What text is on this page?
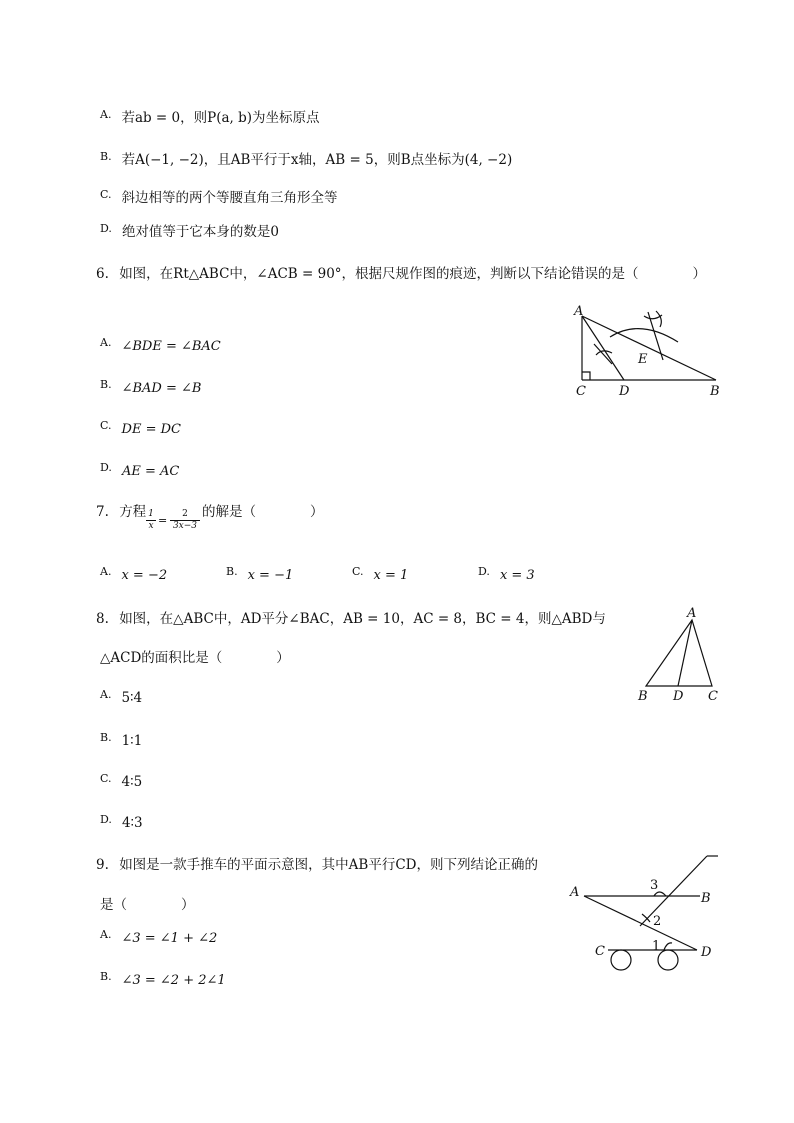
$^{A.}$ 若ab = 0，则P(a, b)为坐标原点
$^{B.}$ 若A(−1, −2)，且AB平行于x轴，AB = 5，则B点坐标为(4, −2)
$^{C.}$ 斜边相等的两个等腰直角三角形全等
$^{D.}$ 绝对值等于它本身的数是0
6. 如图，在Rt△ABC中，∠ACB = 90°，根据尺规作图的痕迹，判断以下结论错误的是（　　　　）
$^{A.}$ ∠BDE = ∠BAC
$^{B.}$ ∠BAD = ∠B
$^{C.}$ DE = DC
$^{D.}$ AE = AC
A
C	D	B
E
7. 方程 $\frac{1}{x} = \frac{2}{3x-3}$ 的解是（　　　　）
$^{A.}$ x = −2	$^{B.}$ x = −1	$^{C.}$ x = 1	$^{D.}$ x = 3
8. 如图，在△ABC中，AD平分∠BAC，AB = 10，AC = 8，BC = 4，则△ABD与
△ACD的面积比是（　　　　）
$^{A.}$ 5∶4
$^{B.}$ 1∶1
$^{C.}$ 4∶5
$^{D.}$ 4∶3
A
B D C
9. 如图是一款手推车的平面示意图，其中AB平行CD，则下列结论正确的
是（　　　　）
$^{A.}$ ∠3 = ∠1 + ∠2
$^{B.}$ ∠3 = ∠2 + 2∠1
A	B
C	D
1
2
3
